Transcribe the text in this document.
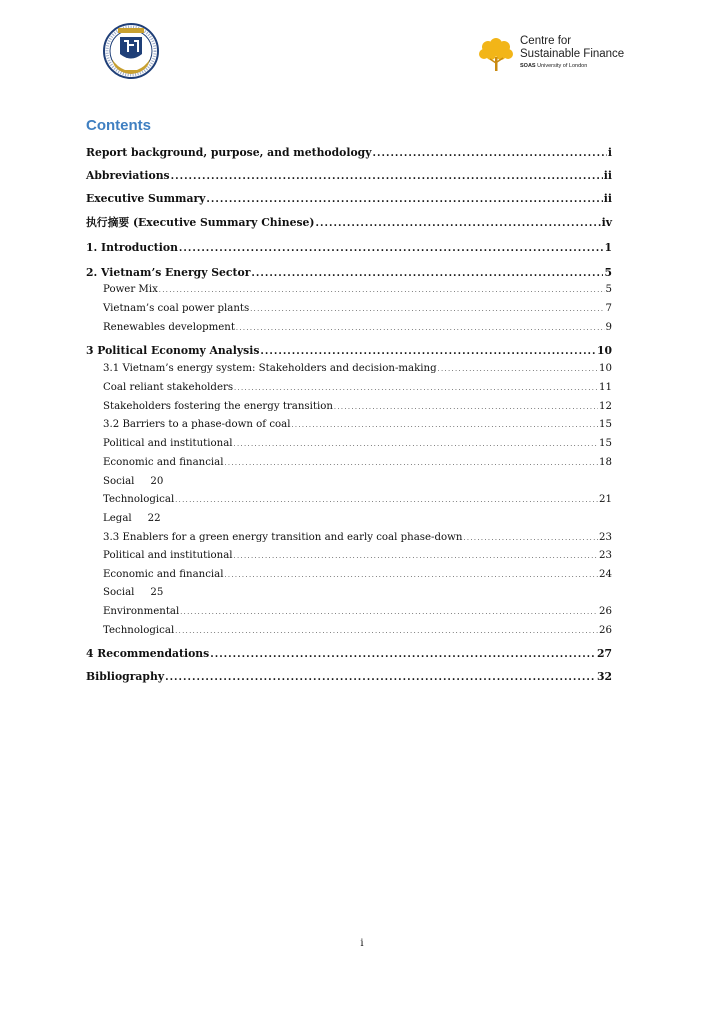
Centre for
Sustainable Finance
SOAS University of London
Contents
Report background, purpose, and methodology .....	i
Abbreviations .....	ii
Executive Summary .....	ii
执行摘要 (Executive Summary Chinese) .....	iv
1. Introduction .....	1
2. Vietnam’s Energy Sector .....	5
Power Mix .....	5
Vietnam’s coal power plants .....	7
Renewables development .....	9
3 Political Economy Analysis .....	10
3.1 Vietnam’s energy system: Stakeholders and decision-making .....	10
Coal reliant stakeholders .....	11
Stakeholders fostering the energy transition .....	12
3.2 Barriers to a phase-down of coal .....	15
Political and institutional .....	15
Economic and financial .....	18
Social 20
Technological .....	21
Legal 22
3.3 Enablers for a green energy transition and early coal phase-down .....	23
Political and institutional .....	23
Economic and financial .....	24
Social 25
Environmental .....	26
Technological .....	26
4 Recommendations .....	27
Bibliography .....	32
i
